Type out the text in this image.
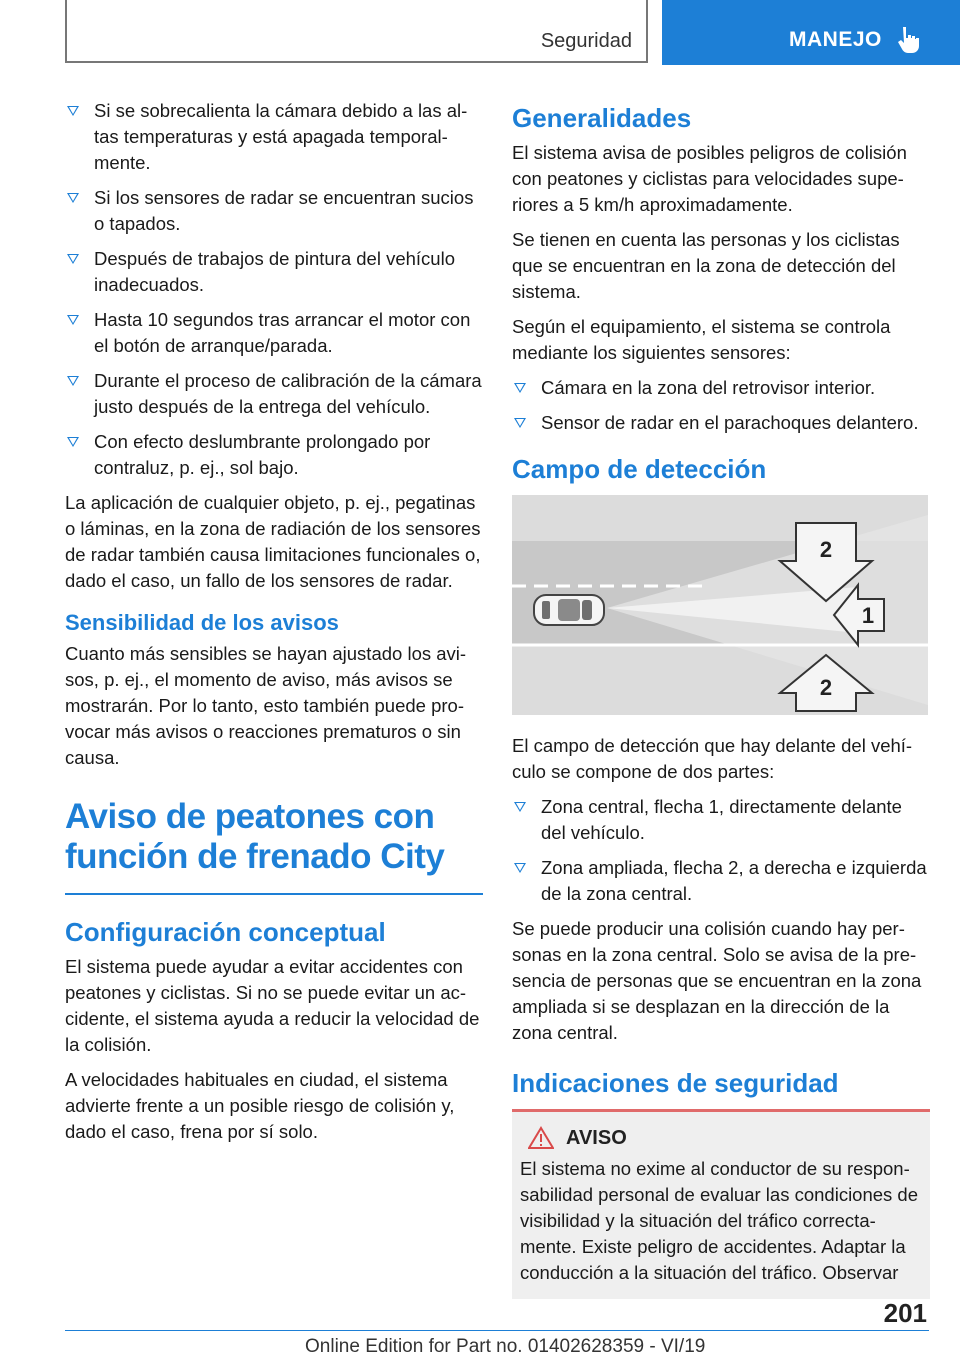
Seguridad	MANEJO
Si se sobrecalienta la cámara debido a las altas temperaturas y está apagada temporalmente.
Si los sensores de radar se encuentran sucios o tapados.
Después de trabajos de pintura del vehículo inadecuados.
Hasta 10 segundos tras arrancar el motor con el botón de arranque/parada.
Durante el proceso de calibración de la cámara justo después de la entrega del vehículo.
Con efecto deslumbrante prolongado por contraluz, p. ej., sol bajo.

La aplicación de cualquier objeto, p. ej., pegatinas o láminas, en la zona de radiación de los sensores de radar también causa limitaciones funcionales o, dado el caso, un fallo de los sensores de radar.

Sensibilidad de los avisos

Cuanto más sensibles se hayan ajustado los avisos, p. ej., el momento de aviso, más avisos se mostrarán. Por lo tanto, esto también puede provocar más avisos o reacciones prematuros o sin causa.

Aviso de peatones con función de frenado City
Configuración conceptual

El sistema puede ayudar a evitar accidentes con peatones y ciclistas. Si no se puede evitar un accidente, el sistema ayuda a reducir la velocidad de la colisión.

A velocidades habituales en ciudad, el sistema advierte frente a un posible riesgo de colisión y, dado el caso, frena por sí solo.

Generalidades

El sistema avisa de posibles peligros de colisión con peatones y ciclistas para velocidades superiores a 5 km/h aproximadamente.

Se tienen en cuenta las personas y los ciclistas que se encuentran en la zona de detección del sistema.

Según el equipamiento, el sistema se controla mediante los siguientes sensores:

Cámara en la zona del retrovisor interior.
Sensor de radar en el parachoques delantero.
Campo de detección
2
1
2

El campo de detección que hay delante del vehículo se compone de dos partes:

Zona central, flecha 1, directamente delante del vehículo.
Zona ampliada, flecha 2, a derecha e izquierda de la zona central.

Se puede producir una colisión cuando hay personas en la zona central. Solo se avisa de la presencia de personas que se encuentran en la zona ampliada si se desplazan en la dirección de la zona central.

Indicaciones de seguridad
AVISO

El sistema no exime al conductor de su responsabilidad personal de evaluar las condiciones de visibilidad y la situación del tráfico correctamente. Existe peligro de accidentes. Adaptar la conducción a la situación del tráfico. Observar

201
Online Edition for Part no. 01402628359 - VI/19
